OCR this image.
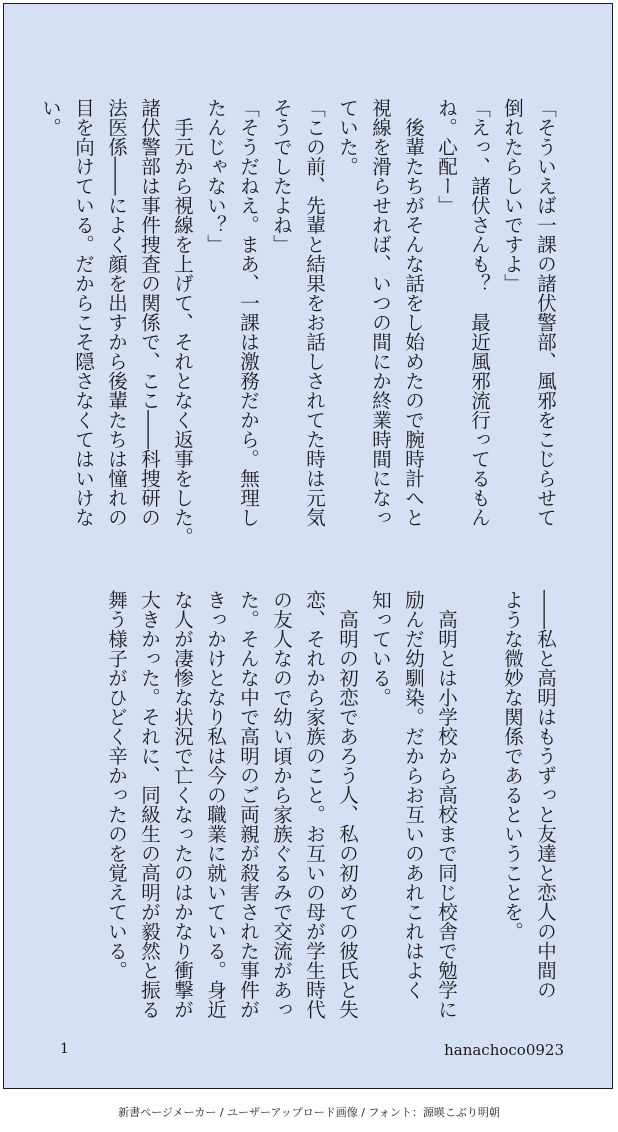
「そういえば一課の諸伏警部、風邪をこじらせて
倒れたらしいですよ」
「えっ、諸伏さんも？　最近風邪流行ってるもん
ね。心配ー」
　後輩たちがそんな話をし始めたので腕時計へと
視線を滑らせれば、いつの間にか終業時間になっ
ていた。
「この前、先輩と結果をお話しされてた時は元気
そうでしたよね」
「そうだねえ。まあ、一課は激務だから。無理し
たんじゃない？」
　手元から視線を上げて、それとなく返事をした。
諸伏警部は事件捜査の関係で、ここ――科捜研の
法医係――によく顔を出すから後輩たちは憧れの
目を向けている。だからこそ隠さなくてはいけな
い。
――私と高明はもうずっと友達と恋人の中間の
ような微妙な関係であるということを。
　高明とは小学校から高校まで同じ校舎で勉学に
励んだ幼馴染。だからお互いのあれこれはよく
知っている。
　高明の初恋であろう人、私の初めての彼氏と失
恋、それから家族のこと。お互いの母が学生時代
の友人なので幼い頃から家族ぐるみで交流があっ
た。そんな中で高明のご両親が殺害された事件が
きっかけとなり私は今の職業に就いている。身近
な人が凄惨な状況で亡くなったのはかなり衝撃が
大きかった。それに、同級生の高明が毅然と振る
舞う様子がひどく辛かったのを覚えている。
1	hanachoco0923
新書ページメーカー / ユーザーアップロード画像 / フォント：源暎こぶり明朝
